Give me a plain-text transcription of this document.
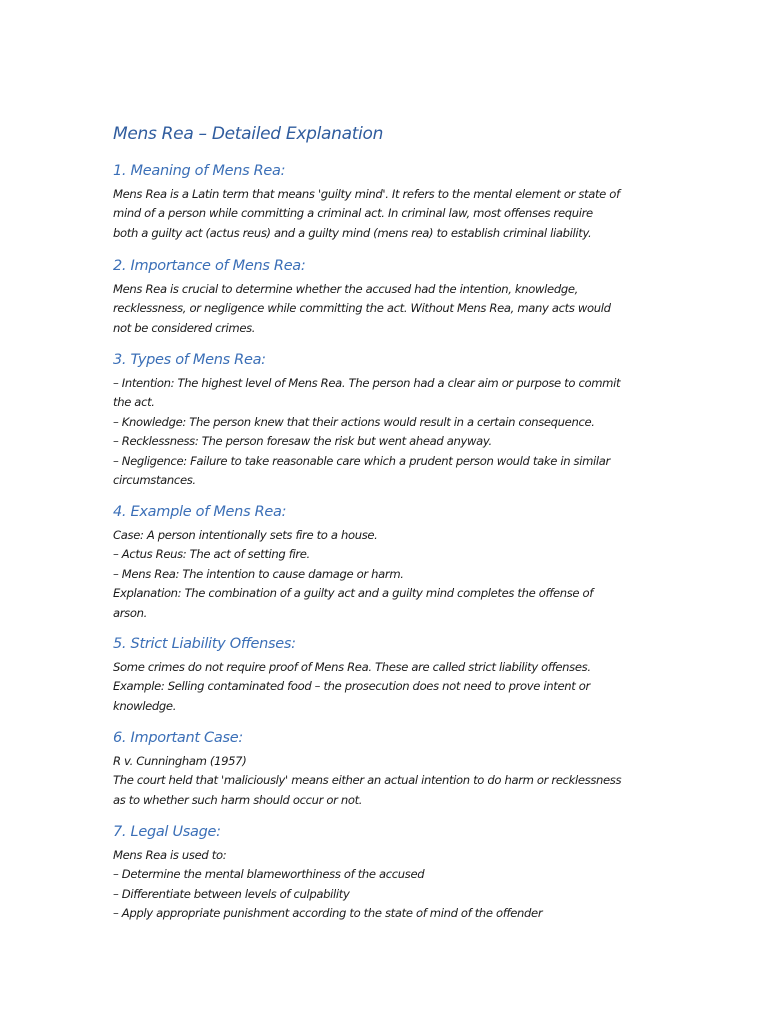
Mens Rea – Detailed Explanation
1. Meaning of Mens Rea:

Mens Rea is a Latin term that means 'guilty mind'. It refers to the mental element or state of

mind of a person while committing a criminal act. In criminal law, most offenses require

both a guilty act (actus reus) and a guilty mind (mens rea) to establish criminal liability.

2. Importance of Mens Rea:

Mens Rea is crucial to determine whether the accused had the intention, knowledge,

recklessness, or negligence while committing the act. Without Mens Rea, many acts would

not be considered crimes.

3. Types of Mens Rea:

– Intention: The highest level of Mens Rea. The person had a clear aim or purpose to commit

the act.

– Knowledge: The person knew that their actions would result in a certain consequence.

– Recklessness: The person foresaw the risk but went ahead anyway.

– Negligence: Failure to take reasonable care which a prudent person would take in similar

circumstances.

4. Example of Mens Rea:

Case: A person intentionally sets fire to a house.

– Actus Reus: The act of setting fire.

– Mens Rea: The intention to cause damage or harm.

Explanation: The combination of a guilty act and a guilty mind completes the offense of

arson.

5. Strict Liability Offenses:

Some crimes do not require proof of Mens Rea. These are called strict liability offenses.

Example: Selling contaminated food – the prosecution does not need to prove intent or

knowledge.

6. Important Case:

R v. Cunningham (1957)

The court held that 'maliciously' means either an actual intention to do harm or recklessness

as to whether such harm should occur or not.

7. Legal Usage:

Mens Rea is used to:

– Determine the mental blameworthiness of the accused

– Differentiate between levels of culpability

– Apply appropriate punishment according to the state of mind of the offender
